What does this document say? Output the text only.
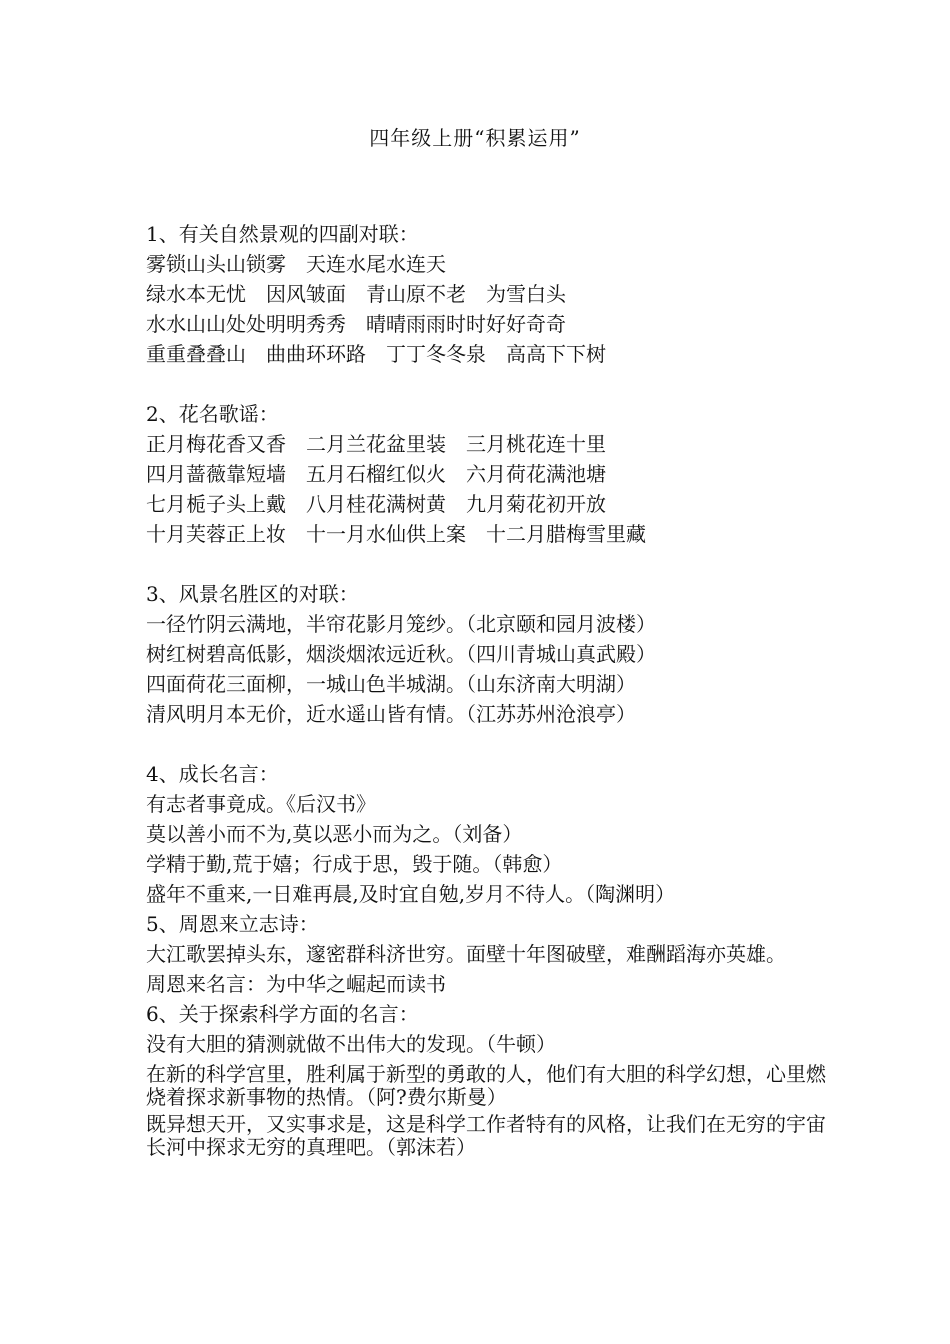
四年级上册“积累运用”
1、有关自然景观的四副对联：
雾锁山头山锁雾　天连水尾水连天
绿水本无忧　因风皱面　青山原不老　为雪白头
水水山山处处明明秀秀　晴晴雨雨时时好好奇奇
重重叠叠山　曲曲环环路　丁丁冬冬泉　高高下下树
2、花名歌谣：
正月梅花香又香　二月兰花盆里装　三月桃花连十里
四月蔷薇靠短墙　五月石榴红似火　六月荷花满池塘
七月栀子头上戴　八月桂花满树黄　九月菊花初开放
十月芙蓉正上妆　十一月水仙供上案　十二月腊梅雪里藏
3、风景名胜区的对联：
一径竹阴云满地，半帘花影月笼纱。（北京颐和园月波楼）
树红树碧高低影，烟淡烟浓远近秋。（四川青城山真武殿）
四面荷花三面柳，一城山色半城湖。（山东济南大明湖）
清风明月本无价，近水遥山皆有情。（江苏苏州沧浪亭）
4、成长名言：
有志者事竟成。《后汉书》
莫以善小而不为,莫以恶小而为之。（刘备）
学精于勤,荒于嬉；行成于思，毁于随。（韩愈）
盛年不重来,一日难再晨,及时宜自勉,岁月不待人。（陶渊明）
5、周恩来立志诗：
大江歌罢掉头东，邃密群科济世穷。面壁十年图破壁，难酬蹈海亦英雄。
周恩来名言：为中华之崛起而读书
6、关于探索科学方面的名言：
没有大胆的猜测就做不出伟大的发现。（牛顿）
在新的科学宫里，胜利属于新型的勇敢的人，他们有大胆的科学幻想，心里燃烧着探求新事物的热情。（阿?费尔斯曼）
既异想天开，又实事求是，这是科学工作者特有的风格，让我们在无穷的宇宙长河中探求无穷的真理吧。（郭沫若）
